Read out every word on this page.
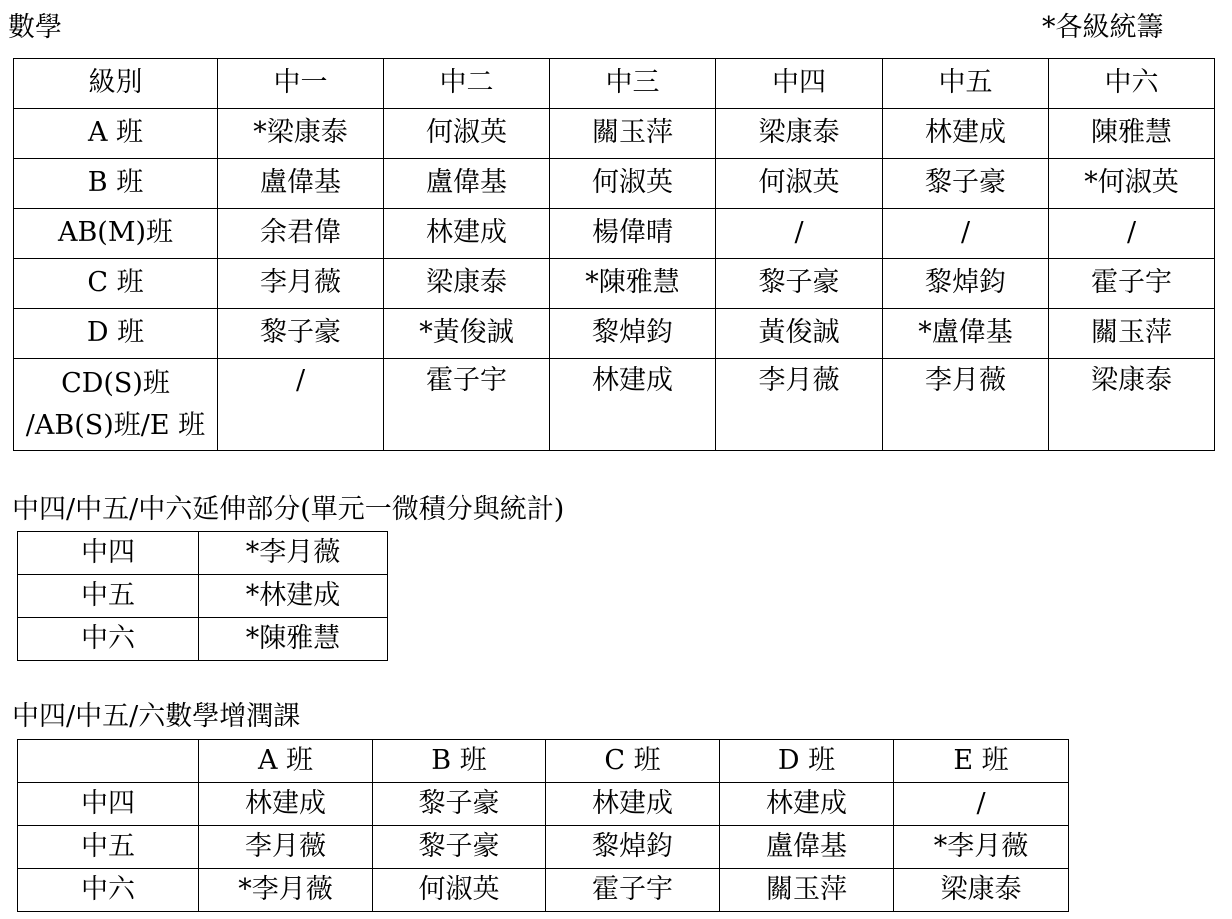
數學	*各級統籌
級別	中一	中二	中三	中四	中五	中六
A 班	*梁康泰	何淑英	關玉萍	梁康泰	林建成	陳雅慧
B 班	盧偉基	盧偉基	何淑英	何淑英	黎子豪	*何淑英
AB(M)班	余君偉	林建成	楊偉晴	/	/	/
C 班	李月薇	梁康泰	*陳雅慧	黎子豪	黎焯鈞	霍子宇
D 班	黎子豪	*黃俊誠	黎焯鈞	黃俊誠	*盧偉基	關玉萍

CD(S)班
/AB(S)班/E 班	/	霍子宇	林建成	李月薇	李月薇	梁康泰
中四/中五/中六延伸部分(單元一微積分與統計)
中四	*李月薇
中五	*林建成
中六	*陳雅慧
中四/中五/六數學增潤課
	A 班	B 班	C 班	D 班	E 班
中四	林建成	黎子豪	林建成	林建成	/
中五	李月薇	黎子豪	黎焯鈞	盧偉基	*李月薇
中六	*李月薇	何淑英	霍子宇	關玉萍	梁康泰
